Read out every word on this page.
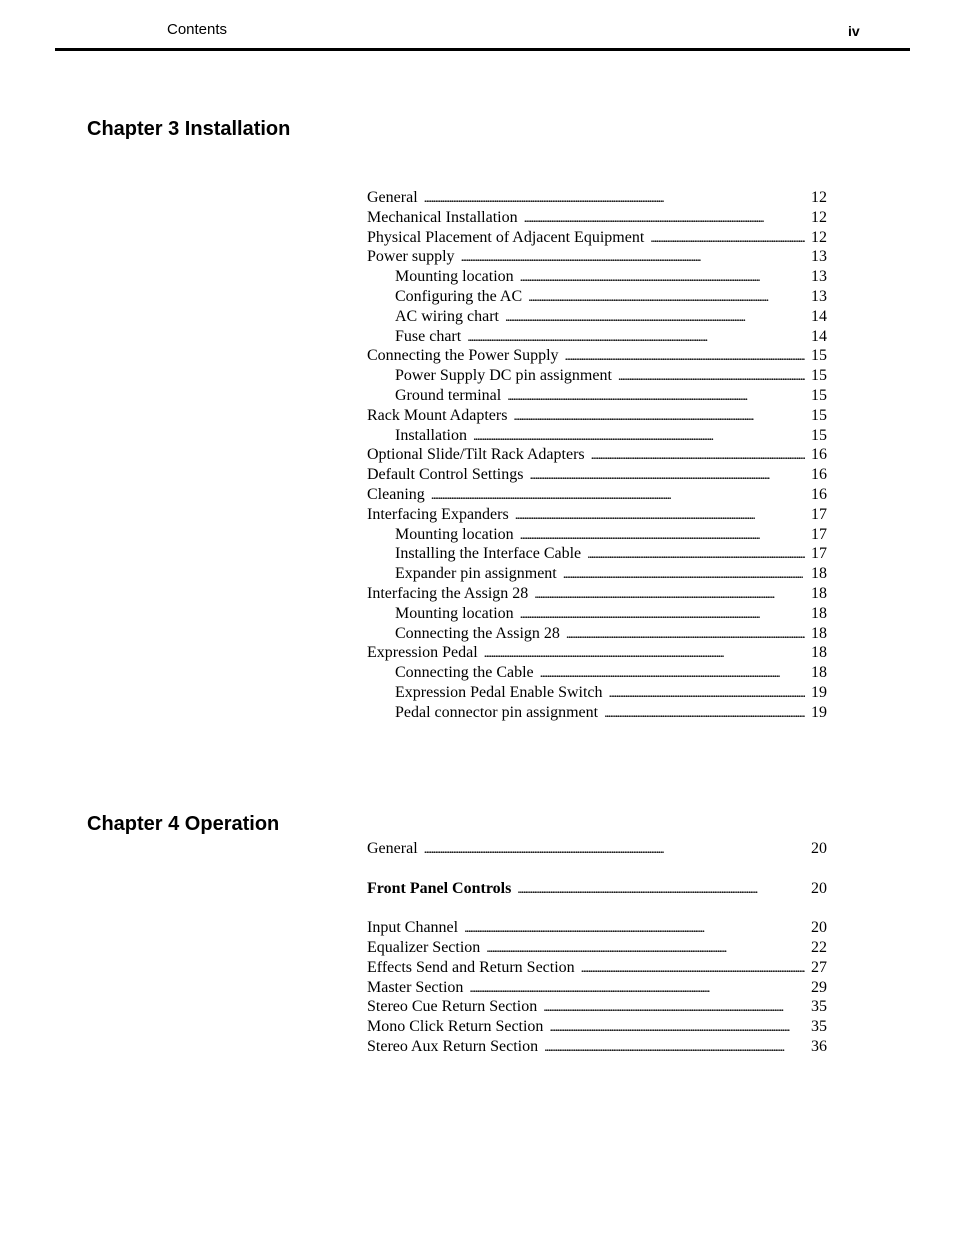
Contents	iv
Chapter 3 Installation
General . . .	12
Mechanical Installation . . .	12
Physical Placement of Adjacent Equipment . . .	12
Power supply . . .	13
Mounting location . . .	13
Configuring the AC . . .	13
AC wiring chart . . .	14
Fuse chart . . .	14
Connecting the Power Supply . . .	15
Power Supply DC pin assignment . . .	15
Ground terminal . . .	15
Rack Mount Adapters . . .	15
Installation . . .	15
Optional Slide/Tilt Rack Adapters . . .	16
Default Control Settings . . .	16
Cleaning . . .	16
Interfacing Expanders . . .	17
Mounting location . . .	17
Installing the Interface Cable . . .	17
Expander pin assignment . . .	18
Interfacing the Assign 28 . . .	18
Mounting location . . .	18
Connecting the Assign 28 . . .	18
Expression Pedal . . .	18
Connecting the Cable . . .	18
Expression Pedal Enable Switch . . .	19
Pedal connector pin assignment . . .	19
Chapter 4 Operation
General . . .	20
Front Panel Controls . . .	20
Input Channel . . .	20
Equalizer Section . . .	22
Effects Send and Return Section . . .	27
Master Section . . .	29
Stereo Cue Return Section . . .	35
Mono Click Return Section . . .	35
Stereo Aux Return Section . . .	36
